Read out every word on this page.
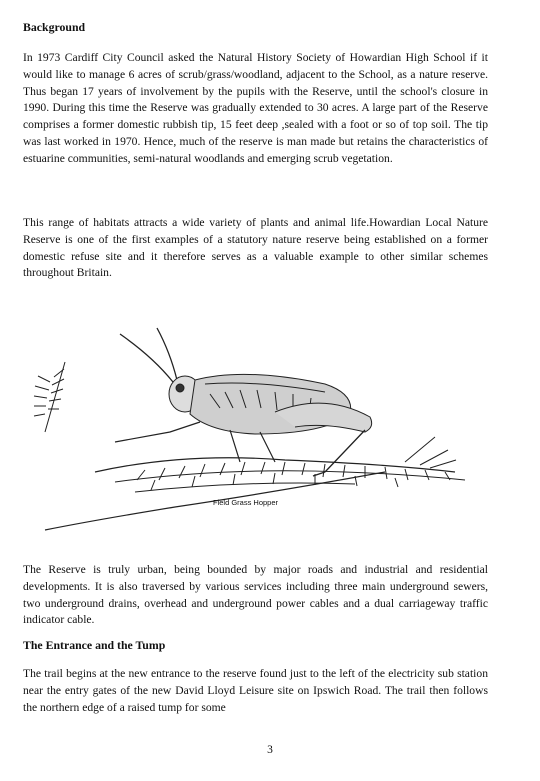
Background

In 1973 Cardiff City Council asked the Natural History Society of Howardian High School if it would like to manage 6 acres of scrub/grass/woodland, adjacent to the School, as a nature reserve. Thus began 17 years of involvement by the pupils with the Reserve, until the school's closure in 1990. During this time the Reserve was gradually extended to 30 acres. A large part of the Reserve comprises a former domestic rubbish tip, 15 feet deep ,sealed with a foot or so of top soil. The tip was last worked in 1970. Hence, much of the reserve is man made but retains the characteristics of estuarine communities, semi-natural woodlands and emerging scrub vegetation.

This range of habitats attracts a wide variety of plants and animal life.Howardian Local Nature Reserve is one of the first examples of a statutory nature reserve being established on a former domestic refuse site and it therefore serves as a valuable example to other similar schemes throughout Britain.

Field Grass Hopper

The Reserve is truly urban, being bounded by major roads and industrial and residential developments. It is also traversed by various services including three main underground sewers, two underground drains, overhead and underground power cables and a dual carriageway traffic indicator cable.

The Entrance and the Tump

The trail begins at the new entrance to the reserve found just to the left of the electricity sub station near the entry gates of the new David Lloyd Leisure site on Ipswich Road. The trail then follows the northern edge of a raised tump for some

3
